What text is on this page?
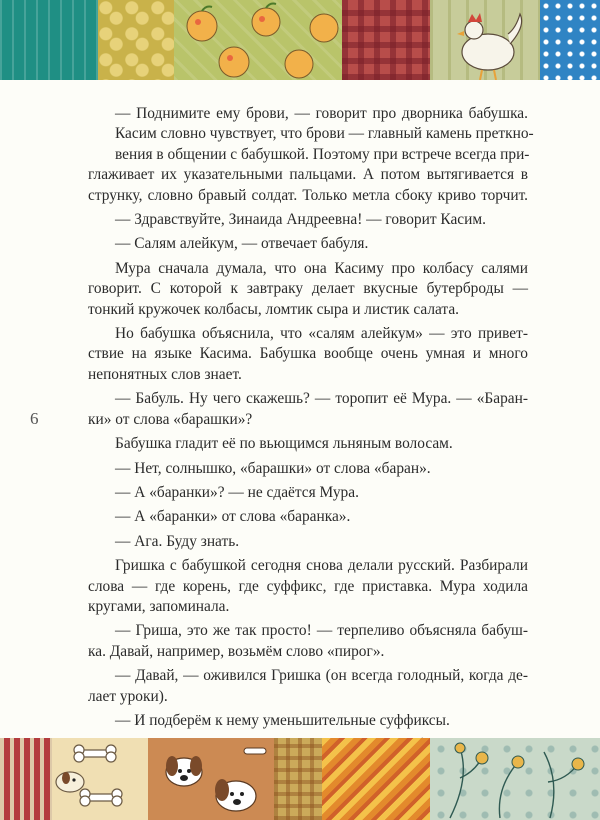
6

— Поднимите ему брови, — говорит про дворника бабушка.

Касим словно чувствует, что брови — главный камень преткно-

вения в общении с бабушкой. Поэтому при встрече всегда при-

глаживает их указательными пальцами. А потом вытягивается в

струнку, словно бравый солдат. Только метла сбоку криво торчит.

— Здравствуйте, Зинаида Андреевна! — говорит Касим.

— Салям алейкум, — отвечает бабуля.

Мура сначала думала, что она Касиму про колбасу салями

говорит. С которой к завтраку делает вкусные бутерброды —

тонкий кружочек колбасы, ломтик сыра и листик салата.

Но бабушка объяснила, что «салям алейкум» — это привет-

ствие на языке Касима. Бабушка вообще очень умная и много

непонятных слов знает.

— Бабуль. Ну чего скажешь? — торопит её Мура. — «Баран-

ки» от слова «барашки»?

Бабушка гладит её по вьющимся льняным волосам.

— Нет, солнышко, «барашки» от слова «баран».

— А «баранки»? — не сдаётся Мура.

— А «баранки» от слова «баранка».

— Ага. Буду знать.

Гришка с бабушкой сегодня снова делали русский. Разбирали

слова — где корень, где суффикс, где приставка. Мура ходила

кругами, запоминала.

— Гриша, это же так просто! — терпеливо объясняла бабуш-

ка. Давай, например, возьмём слово «пирог».

— Давай, — оживился Гришка (он всегда голодный, когда де-

лает уроки).

— И подберём к нему уменьшительные суффиксы.
